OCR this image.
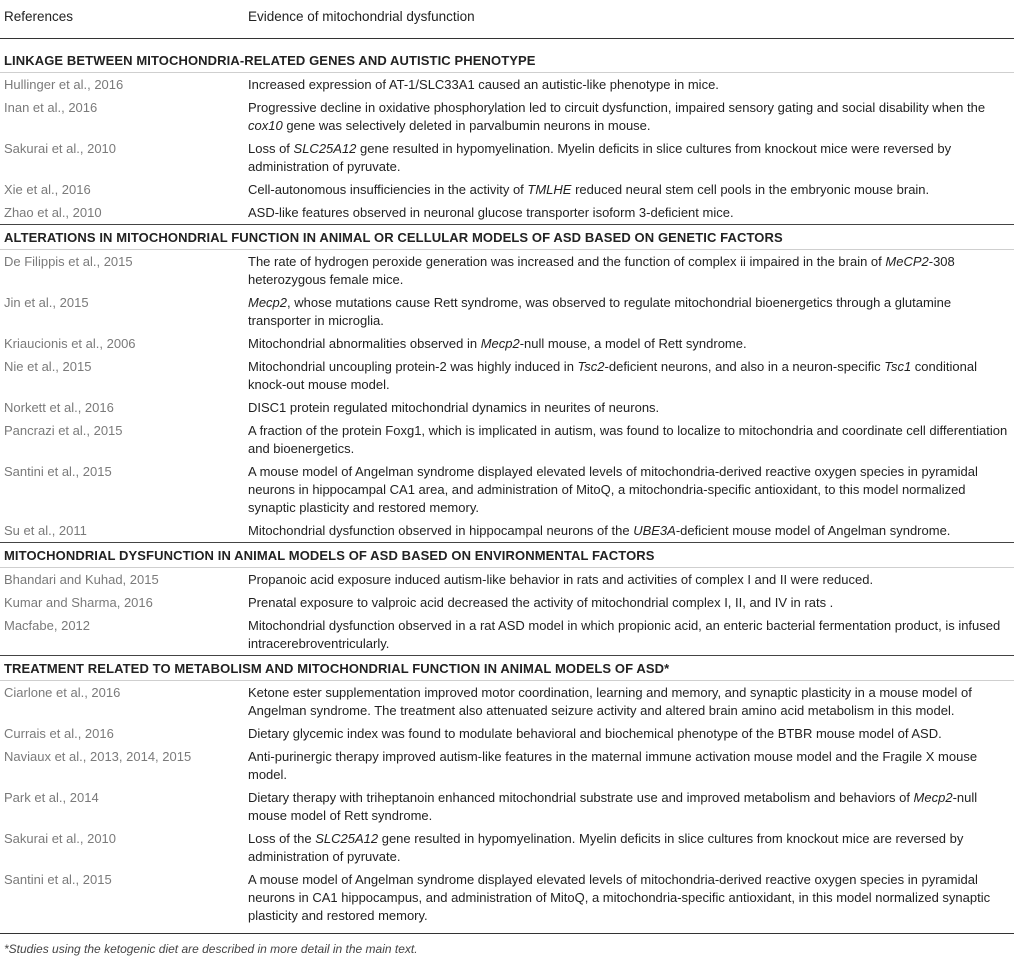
References	Evidence of mitochondrial dysfunction
LINKAGE BETWEEN MITOCHONDRIA-RELATED GENES AND AUTISTIC PHENOTYPE
Hullinger et al., 2016	Increased expression of AT-1/SLC33A1 caused an autistic-like phenotype in mice.
Inan et al., 2016	Progressive decline in oxidative phosphorylation led to circuit dysfunction, impaired sensory gating and social disability when the cox10 gene was selectively deleted in parvalbumin neurons in mouse.
Sakurai et al., 2010	Loss of SLC25A12 gene resulted in hypomyelination. Myelin deficits in slice cultures from knockout mice were reversed by administration of pyruvate.
Xie et al., 2016	Cell-autonomous insufficiencies in the activity of TMLHE reduced neural stem cell pools in the embryonic mouse brain.
Zhao et al., 2010	ASD-like features observed in neuronal glucose transporter isoform 3-deficient mice.
ALTERATIONS IN MITOCHONDRIAL FUNCTION IN ANIMAL OR CELLULAR MODELS OF ASD BASED ON GENETIC FACTORS
De Filippis et al., 2015	The rate of hydrogen peroxide generation was increased and the function of complex ii impaired in the brain of MeCP2-308 heterozygous female mice.
Jin et al., 2015	Mecp2, whose mutations cause Rett syndrome, was observed to regulate mitochondrial bioenergetics through a glutamine transporter in microglia.
Kriaucionis et al., 2006	Mitochondrial abnormalities observed in Mecp2-null mouse, a model of Rett syndrome.
Nie et al., 2015	Mitochondrial uncoupling protein-2 was highly induced in Tsc2-deficient neurons, and also in a neuron-specific Tsc1 conditional knock-out mouse model.
Norkett et al., 2016	DISC1 protein regulated mitochondrial dynamics in neurites of neurons.
Pancrazi et al., 2015	A fraction of the protein Foxg1, which is implicated in autism, was found to localize to mitochondria and coordinate cell differentiation and bioenergetics.
Santini et al., 2015	A mouse model of Angelman syndrome displayed elevated levels of mitochondria-derived reactive oxygen species in pyramidal neurons in hippocampal CA1 area, and administration of MitoQ, a mitochondria-specific antioxidant, to this model normalized synaptic plasticity and restored memory.
Su et al., 2011	Mitochondrial dysfunction observed in hippocampal neurons of the UBE3A-deficient mouse model of Angelman syndrome.
MITOCHONDRIAL DYSFUNCTION IN ANIMAL MODELS OF ASD BASED ON ENVIRONMENTAL FACTORS
Bhandari and Kuhad, 2015	Propanoic acid exposure induced autism-like behavior in rats and activities of complex I and II were reduced.
Kumar and Sharma, 2016	Prenatal exposure to valproic acid decreased the activity of mitochondrial complex I, II, and IV in rats .
Macfabe, 2012	Mitochondrial dysfunction observed in a rat ASD model in which propionic acid, an enteric bacterial fermentation product, is infused intracerebroventricularly.
TREATMENT RELATED TO METABOLISM AND MITOCHONDRIAL FUNCTION IN ANIMAL MODELS OF ASD*
Ciarlone et al., 2016	Ketone ester supplementation improved motor coordination, learning and memory, and synaptic plasticity in a mouse model of Angelman syndrome. The treatment also attenuated seizure activity and altered brain amino acid metabolism in this model.
Currais et al., 2016	Dietary glycemic index was found to modulate behavioral and biochemical phenotype of the BTBR mouse model of ASD.
Naviaux et al., 2013, 2014, 2015	Anti-purinergic therapy improved autism-like features in the maternal immune activation mouse model and the Fragile X mouse model.
Park et al., 2014	Dietary therapy with triheptanoin enhanced mitochondrial substrate use and improved metabolism and behaviors of Mecp2-null mouse model of Rett syndrome.
Sakurai et al., 2010	Loss of the SLC25A12 gene resulted in hypomyelination. Myelin deficits in slice cultures from knockout mice are reversed by administration of pyruvate.
Santini et al., 2015	A mouse model of Angelman syndrome displayed elevated levels of mitochondria-derived reactive oxygen species in pyramidal neurons in CA1 hippocampus, and administration of MitoQ, a mitochondria-specific antioxidant, in this model normalized synaptic plasticity and restored memory.
*Studies using the ketogenic diet are described in more detail in the main text.
